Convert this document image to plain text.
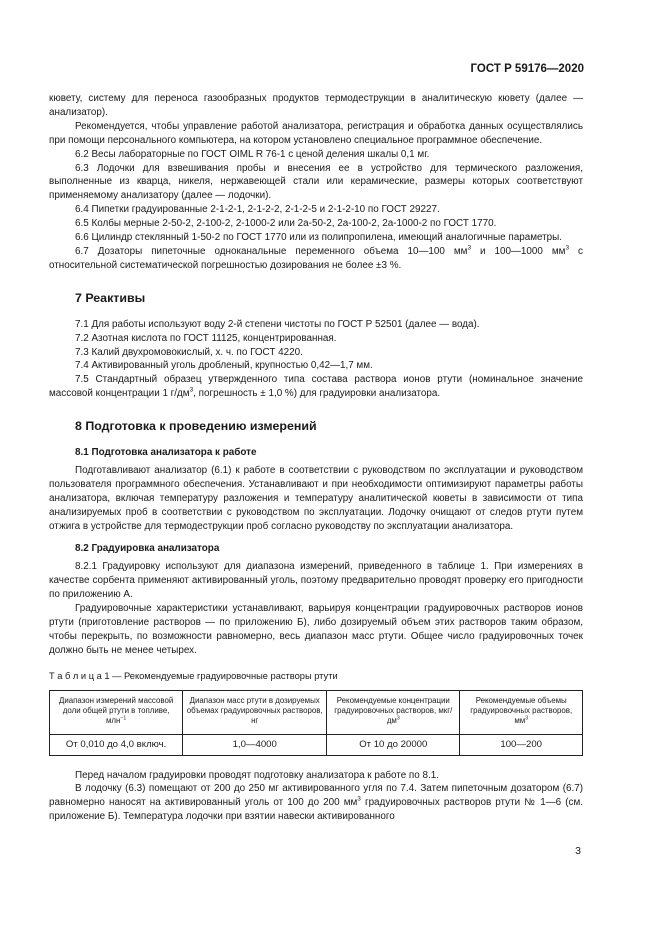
ГОСТ Р 59176—2020

кювету, систему для переноса газообразных продуктов термодеструкции в аналитическую кювету (далее — анализатор).

Рекомендуется, чтобы управление работой анализатора, регистрация и обработка данных осуществлялись при помощи персонального компьютера, на котором установлено специальное программное обеспечение.

6.2 Весы лабораторные по ГОСТ OIML R 76-1 с ценой деления шкалы 0,1 мг.

6.3 Лодочки для взвешивания пробы и внесения ее в устройство для термического разложения, выполненные из кварца, никеля, нержавеющей стали или керамические, размеры которых соответствуют применяемому анализатору (далее — лодочки).

6.4 Пипетки градуированные 2-1-2-1, 2-1-2-2, 2-1-2-5 и 2-1-2-10 по ГОСТ 29227.

6.5 Колбы мерные 2-50-2, 2-100-2, 2-1000-2 или 2а-50-2, 2а-100-2, 2а-1000-2 по ГОСТ 1770.

6.6 Цилиндр стеклянный 1-50-2 по ГОСТ 1770 или из полипропилена, имеющий аналогичные параметры.

6.7 Дозаторы пипеточные одноканальные переменного объема 10—100 $мм^3$ и 100—1000 $мм^3$ с относительной систематической погрешностью дозирования не более ±3 %.

7 Реактивы

7.1 Для работы используют воду 2-й степени чистоты по ГОСТ Р 52501 (далее — вода).

7.2 Азотная кислота по ГОСТ 11125, концентрированная.

7.3 Калий двухромовокислый, х. ч. по ГОСТ 4220.

7.4 Активированный уголь дробленый, крупностью 0,42—1,7 мм.

7.5 Стандартный образец утвержденного типа состава раствора ионов ртути (номинальное значение массовой концентрации 1 $г/дм^3$, погрешность ± 1,0 %) для градуировки анализатора.

8 Подготовка к проведению измерений
8.1 Подготовка анализатора к работе

Подготавливают анализатор (6.1) к работе в соответствии с руководством по эксплуатации и руководством пользователя программного обеспечения. Устанавливают и при необходимости оптимизируют параметры работы анализатора, включая температуру разложения и температуру аналитической кюветы в зависимости от типа анализируемых проб в соответствии с руководством по эксплуатации. Лодочку очищают от следов ртути путем отжига в устройстве для термодеструкции проб согласно руководству по эксплуатации анализатора.

8.2 Градуировка анализатора

8.2.1 Градуировку используют для диапазона измерений, приведенного в таблице 1. При измерениях в качестве сорбента применяют активированный уголь, поэтому предварительно проводят проверку его пригодности по приложению А.

Градуировочные характеристики устанавливают, варьируя концентрации градуировочных растворов ионов ртути (приготовление растворов — по приложению Б), либо дозируемый объем этих растворов таким образом, чтобы перекрыть, по возможности равномерно, весь диапазон масс ртути. Общее число градуировочных точек должно быть не менее четырех.

Т а б л и ц а 1 — Рекомендуемые градуировочные растворы ртути
Диапазон измерений массовой доли общей ртути в топливе, млн$^{-1}$	Диапазон масс ртути в дозируемых объемах градуировочных растворов, нг	Рекомендуемые концентрации градуировочных растворов, мкг/$дм^3$	Рекомендуемые объемы градуировочных растворов, $мм^3$
От 0,010 до 4,0 включ.	1,0—4000	От 10 до 20000	100—200

Перед началом градуировки проводят подготовку анализатора к работе по 8.1.

В лодочку (6.3) помещают от 200 до 250 мг активированного угля по 7.4. Затем пипеточным дозатором (6.7) равномерно наносят на активированный уголь от 100 до 200 $мм^3$ градуировочных растворов ртути № 1—6 (см. приложение Б). Температура лодочки при взятии навески активированного

3
